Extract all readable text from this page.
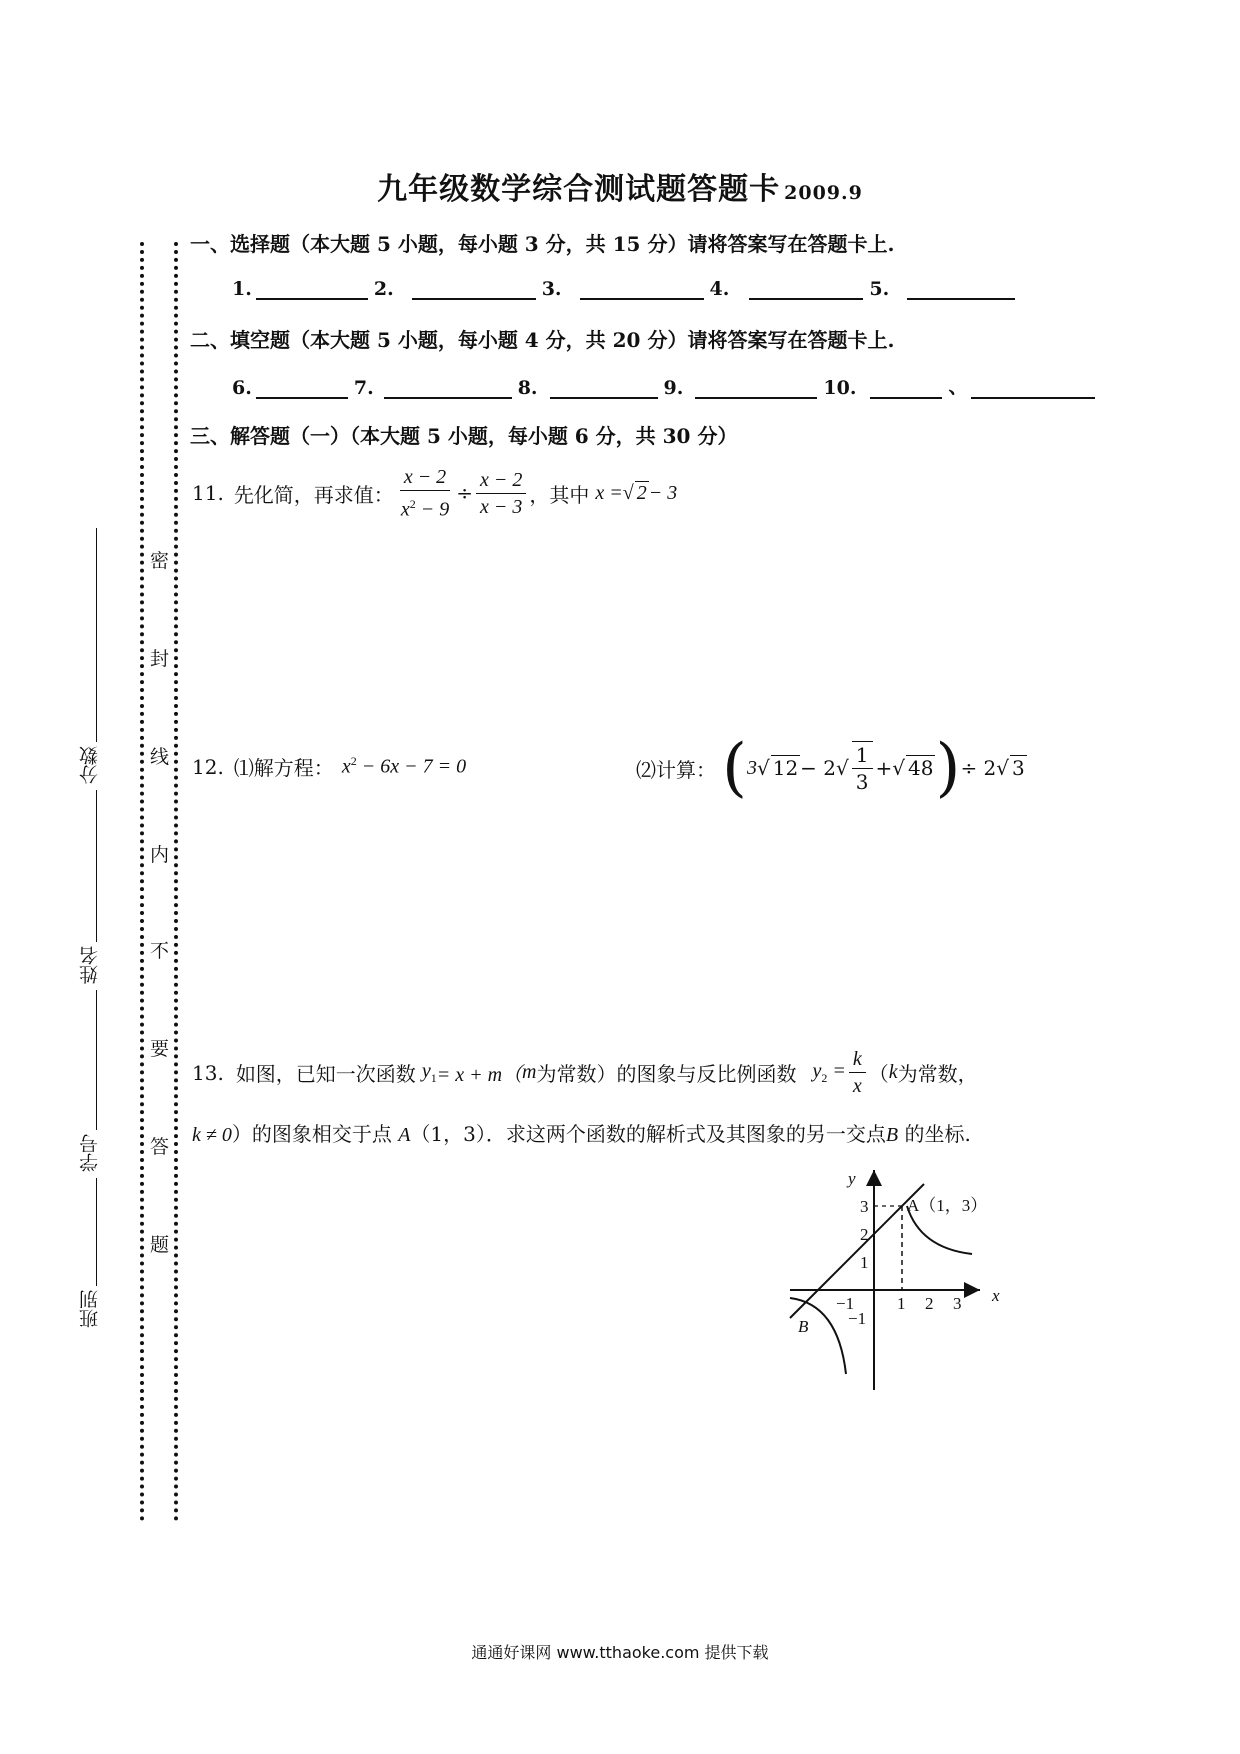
九年级数学综合测试题答题卡 2009.9
一、选择题（本大题 5 小题，每小题 3 分，共 15 分）请将答案写在答题卡上.
1.	2.	3.	4.	5.
二、填空题（本大题 5 小题，每小题 4 分，共 20 分）请将答案写在答题卡上.
6.	7.	8.	9.	10.	、
三、解答题（一）（本大题 5 小题，每小题 6 分，共 30 分）
11. 先化简，再求值： $\frac{x - 2}{x^2 - 9} \div \frac{x - 2}{x - 3}$ ，其中 x = √ 2 − 3
12. ⑴解方程： $x^2 - 6x - 7 = 0$	⑵计算： ( 3 √ 12 − 2 √ $\frac{1}{3}$ + √ 48 ) ÷ 2 √ 3
13. 如图，已知一次函数 $y_1 = x + m$（ m 为常数）的图象与反比例函数 $y_2 = \frac{k}{x}$ （ k 为常数，
k ≠ 0）的图象相交于点 A（1，3）．求这两个函数的解析式及其图象的另一交点B 的坐标.
y
x
A（1，3）
B
−1	1 2 3
3
2
1
−1
分数
姓名
学号
班别
密
封
线
内
不
要
答
题
通通好课网 www.tthaoke.com 提供下载
